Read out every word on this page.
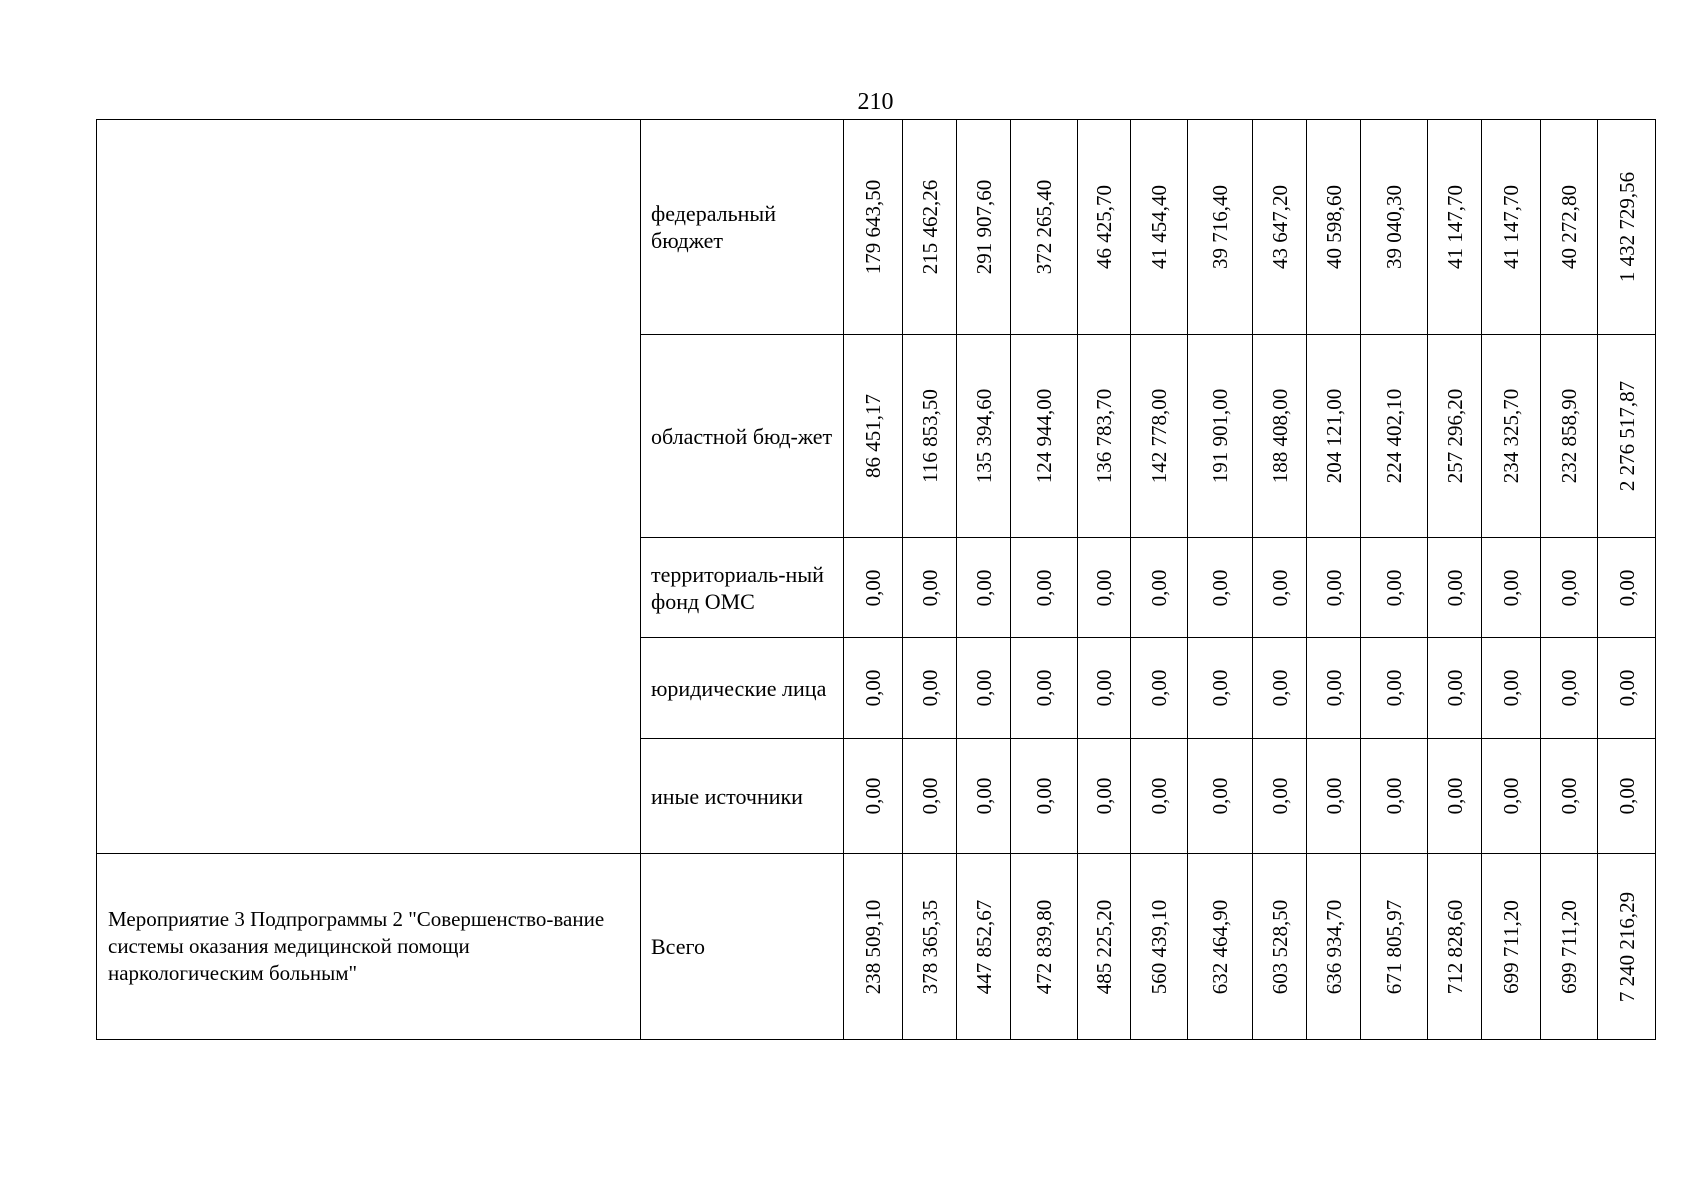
210
	федеральный бюджет	179 643,50	215 462,26	291 907,60	372 265,40	46 425,70	41 454,40	39 716,40	43 647,20	40 598,60	39 040,30	41 147,70	41 147,70	40 272,80	1 432 729,56

	областной бюд-жет	86 451,17	116 853,50	135 394,60	124 944,00	136 783,70	142 778,00	191 901,00	188 408,00	204 121,00	224 402,10	257 296,20	234 325,70	232 858,90	2 276 517,87

	территориаль-ный фонд ОМС	0,00	0,00	0,00	0,00	0,00	0,00	0,00	0,00	0,00	0,00	0,00	0,00	0,00	0,00

	юридические лица	0,00	0,00	0,00	0,00	0,00	0,00	0,00	0,00	0,00	0,00	0,00	0,00	0,00	0,00

	иные источники	0,00	0,00	0,00	0,00	0,00	0,00	0,00	0,00	0,00	0,00	0,00	0,00	0,00	0,00

Мероприятие 3 Подпрограммы 2 "Совершенство-вание системы оказания медицинской помощи наркологическим больным"	Всего	238 509,10	378 365,35	447 852,67	472 839,80	485 225,20	560 439,10	632 464,90	603 528,50	636 934,70	671 805,97	712 828,60	699 711,20	699 711,20	7 240 216,29
